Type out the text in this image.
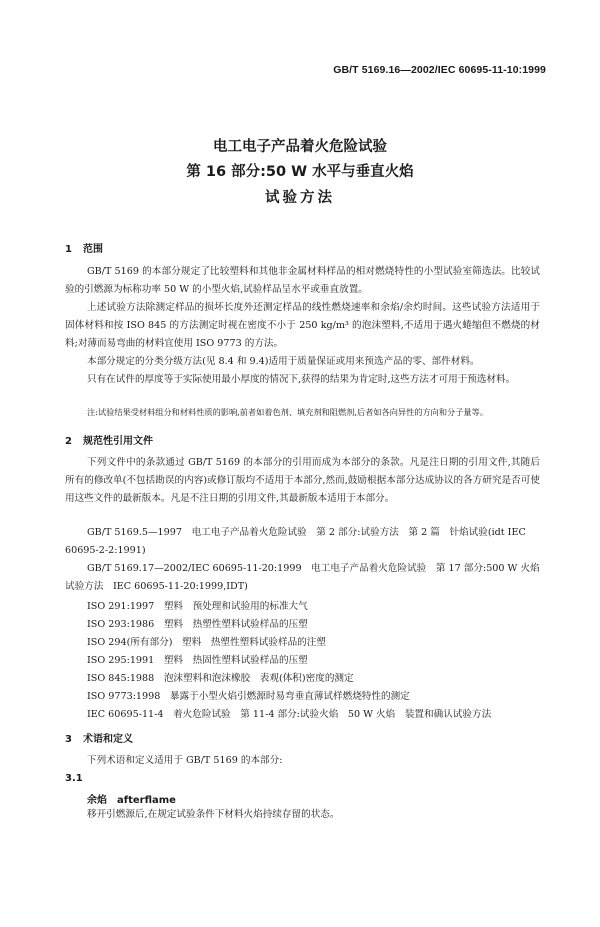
GB/T 5169.16—2002/IEC 60695-11-10:1999
电工电子产品着火危险试验
第 16 部分:50 W 水平与垂直火焰
试验方法
1 范围
GB/T 5169 的本部分规定了比较塑料和其他非金属材料样品的相对燃烧特性的小型试验室筛选法。比较试验的引燃源为标称功率 50 W 的小型火焰,试验样品呈水平或垂直放置。
上述试验方法除测定样品的损坏长度外还测定样品的线性燃烧速率和余焰/余灼时间。这些试验方法适用于固体材料和按 ISO 845 的方法测定时视在密度不小于 250 kg/m³ 的泡沫塑料,不适用于遇火蜷缩但不燃烧的材料;对薄而易弯曲的材料宜使用 ISO 9773 的方法。
本部分规定的分类分级方法(见 8.4 和 9.4)适用于质量保证或用来预选产品的零、部件材料。
只有在试件的厚度等于实际使用最小厚度的情况下,获得的结果为肯定时,这些方法才可用于预选材料。
注:试验结果受材料组分和材料性质的影响,前者如着色剂、填充剂和阻燃剂,后者如各向异性的方向和分子量等。
2 规范性引用文件
下列文件中的条款通过 GB/T 5169 的本部分的引用而成为本部分的条款。凡是注日期的引用文件,其随后所有的修改单(不包括勘误的内容)或修订版均不适用于本部分,然而,鼓励根据本部分达成协议的各方研究是否可使用这些文件的最新版本。凡是不注日期的引用文件,其最新版本适用于本部分。
GB/T 5169.5—1997　电工电子产品着火危险试验　第 2 部分:试验方法　第 2 篇　针焰试验(idt IEC 60695-2-2:1991)
GB/T 5169.17—2002/IEC 60695-11-20:1999　电工电子产品着火危险试验　第 17 部分:500 W 火焰试验方法　IEC 60695-11-20:1999,IDT)
ISO 291:1997　塑料　预处理和试验用的标准大气
ISO 293:1986　塑料　热塑性塑料试验样品的压塑
ISO 294(所有部分)　塑料　热塑性塑料试验样品的注塑
ISO 295:1991　塑料　热固性塑料试验样品的压塑
ISO 845:1988　泡沫塑料和泡沫橡胶　表观(体积)密度的测定
ISO 9773:1998　暴露于小型火焰引燃源时易弯垂直薄试样燃烧特性的测定
IEC 60695-11-4　着火危险试验　第 11-4 部分:试验火焰　50 W 火焰　装置和确认试验方法
3 术语和定义
下列术语和定义适用于 GB/T 5169 的本部分:
3.1
余焰　afterflame
移开引燃源后,在规定试验条件下材料火焰持续存留的状态。
